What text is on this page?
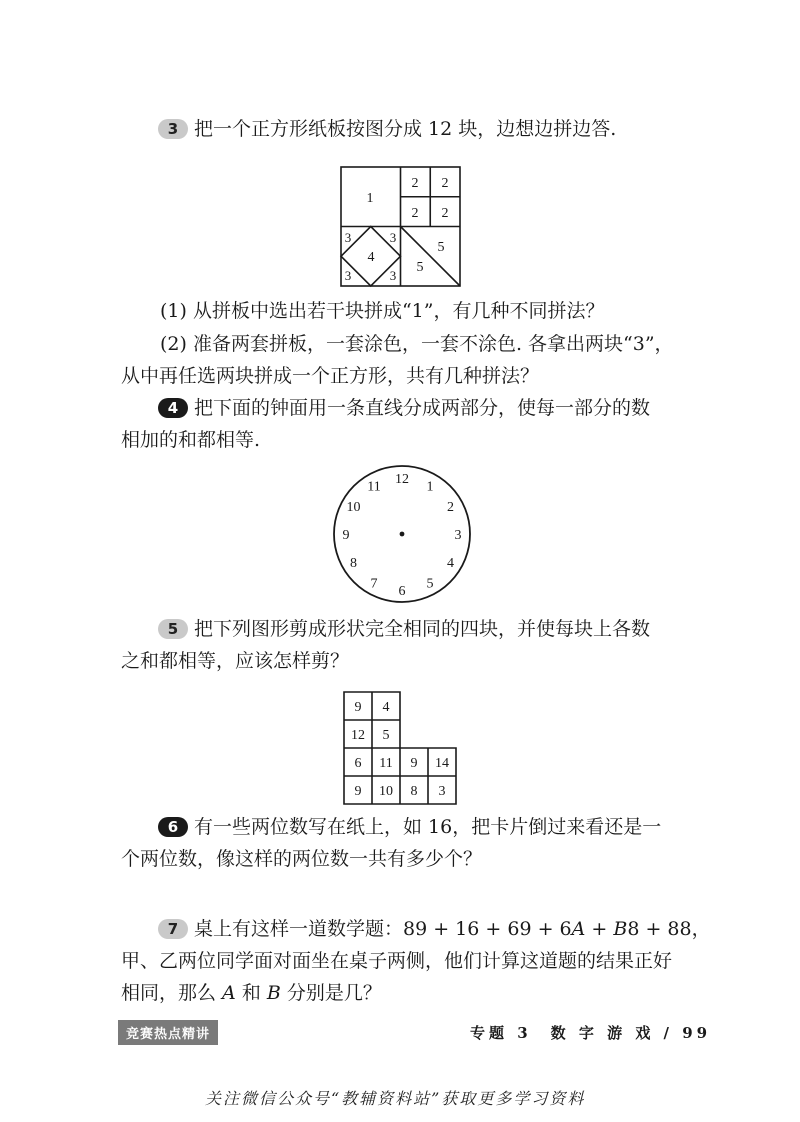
3 把一个正方形纸板按图分成 12 块，边想边拼边答.
1
2 2
2 2
3	3
3	3
4
5
5
(1) 从拼板中选出若干块拼成“1”，有几种不同拼法？
(2) 准备两套拼板，一套涂色，一套不涂色. 各拿出两块“3”，
从中再任选两块拼成一个正方形，共有几种拼法？
4 把下面的钟面用一条直线分成两部分，使每一部分的数
相加的和都相等.
12 1
2
3
4
5
6
7
8
9
10
11
5 把下列图形剪成形状完全相同的四块，并使每块上各数
之和都相等，应该怎样剪？
9 4
12 5
6 11 9 14
9 10 8 3
6 有一些两位数写在纸上，如 16，把卡片倒过来看还是一
个两位数，像这样的两位数一共有多少个？
7 桌上有这样一道数学题：89 + 16 + 69 + 6A + B8 + 88，
甲、乙两位同学面对面坐在桌子两侧，他们计算这道题的结果正好
相同，那么 A 和 B 分别是几？
竞赛热点精讲	专题 3　数 字 游 戏 / 99
关注微信公众号“教辅资料站”获取更多学习资料
